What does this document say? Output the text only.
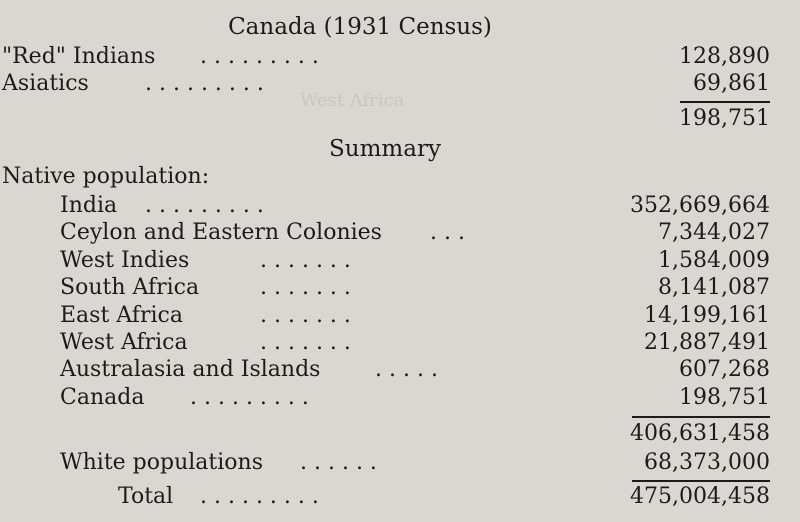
West Africa
Canada (1931 Census)
"Red" Indians . . . . . . . . .	128,890
Asiatics	. . . . . . . . .	69,861
198,751
Summary
Native population:
India . . . . . . . . .	352,669,664
Ceylon and Eastern Colonies . . .	7,344,027
West Indies	. . . . . . .	1,584,009
South Africa	. . . . . . .	8,141,087
East Africa	. . . . . . .	14,199,161
West Africa	. . . . . . .	21,887,491
Australasia and Islands . . . . .	607,268
Canada . . . . . . . . .	198,751
406,631,458
White populations . . . . . .	68,373,000
Total . . . . . . . . .	475,004,458
